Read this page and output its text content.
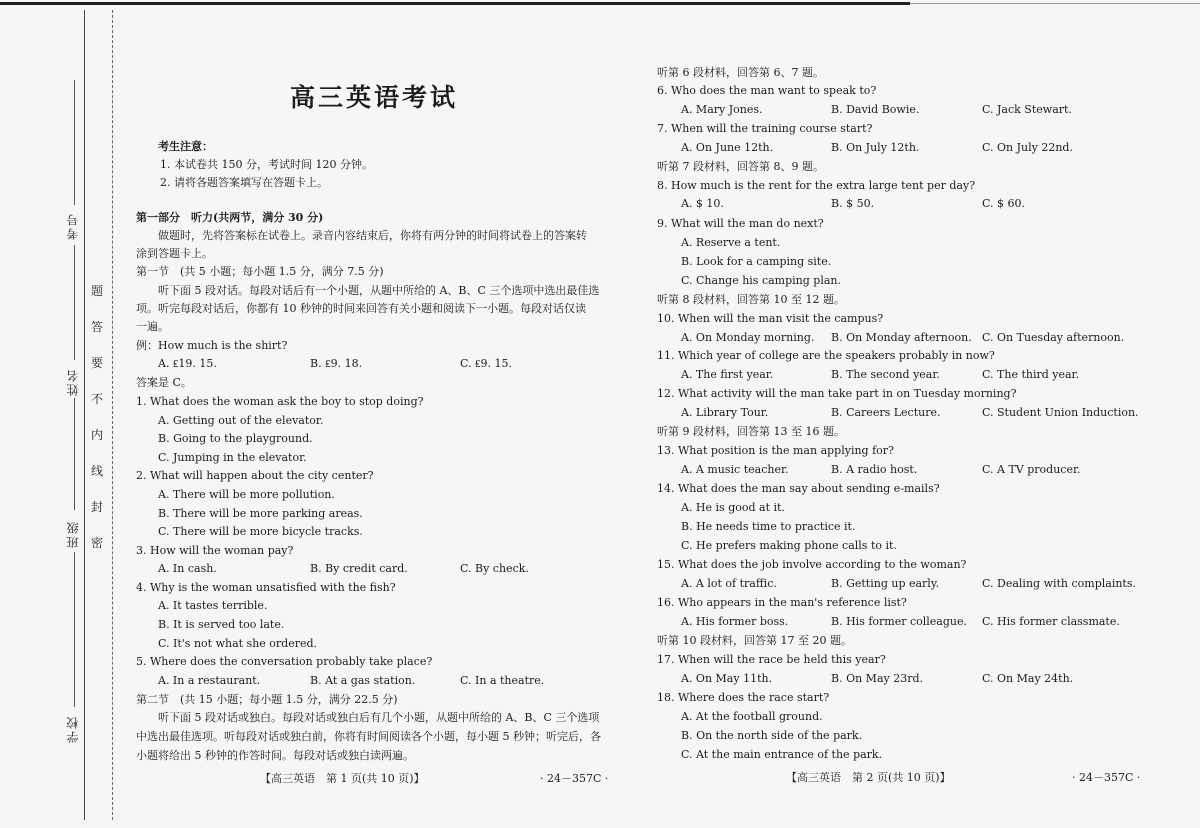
考号
姓名
班级
学校
题
答
要
不
内
线
封
密
高三英语考试
考生注意：
1. 本试卷共 150 分，考试时间 120 分钟。
2. 请将各题答案填写在答题卡上。
第一部分　听力(共两节，满分 30 分)
做题时，先将答案标在试卷上。录音内容结束后，你将有两分钟的时间将试卷上的答案转
涂到答题卡上。
第一节　(共 5 小题；每小题 1.5 分，满分 7.5 分)
听下面 5 段对话。每段对话后有一个小题，从题中所给的 A、B、C 三个选项中选出最佳选
项。听完每段对话后，你都有 10 秒钟的时间来回答有关小题和阅读下一小题。每段对话仅读
一遍。
例：How much is the shirt?
A. ₤19. 15.	B. ₤9. 18.	C. ₤9. 15.
答案是 C。
1. What does the woman ask the boy to stop doing?
A. Getting out of the elevator.
B. Going to the playground.
C. Jumping in the elevator.
2. What will happen about the city center?
A. There will be more pollution.
B. There will be more parking areas.
C. There will be more bicycle tracks.
3. How will the woman pay?
A. In cash.	B. By credit card.	C. By check.
4. Why is the woman unsatisfied with the fish?
A. It tastes terrible.
B. It is served too late.
C. It's not what she ordered.
5. Where does the conversation probably take place?
A. In a restaurant.	B. At a gas station.	C. In a theatre.
第二节　(共 15 小题；每小题 1.5 分，满分 22.5 分)
听下面 5 段对话或独白。每段对话或独白后有几个小题，从题中所给的 A、B、C 三个选项
中选出最佳选项。听每段对话或独白前，你将有时间阅读各个小题，每小题 5 秒钟；听完后，各
小题将给出 5 秒钟的作答时间。每段对话或独白读两遍。
【高三英语　第 1 页(共 10 页)】	· 24－357C ·
听第 6 段材料，回答第 6、7 题。
6. Who does the man want to speak to?
A. Mary Jones.	B. David Bowie.	C. Jack Stewart.
7. When will the training course start?
A. On June 12th.	B. On July 12th.	C. On July 22nd.
听第 7 段材料，回答第 8、9 题。
8. How much is the rent for the extra large tent per day?
A. $ 10.	B. $ 50.	C. $ 60.
9. What will the man do next?
A. Reserve a tent.
B. Look for a camping site.
C. Change his camping plan.
听第 8 段材料，回答第 10 至 12 题。
10. When will the man visit the campus?
A. On Monday morning. B. On Monday afternoon. C. On Tuesday afternoon.
11. Which year of college are the speakers probably in now?
A. The first year.	B. The second year.	C. The third year.
12. What activity will the man take part in on Tuesday morning?
A. Library Tour.	B. Careers Lecture.	C. Student Union Induction.
听第 9 段材料，回答第 13 至 16 题。
13. What position is the man applying for?
A. A music teacher.	B. A radio host.	C. A TV producer.
14. What does the man say about sending e-mails?
A. He is good at it.
B. He needs time to practice it.
C. He prefers making phone calls to it.
15. What does the job involve according to the woman?
A. A lot of traffic.	B. Getting up early.	C. Dealing with complaints.
16. Who appears in the man's reference list?
A. His former boss.	B. His former colleague. C. His former classmate.
听第 10 段材料，回答第 17 至 20 题。
17. When will the race be held this year?
A. On May 11th.	B. On May 23rd.	C. On May 24th.
18. Where does the race start?
A. At the football ground.
B. On the north side of the park.
C. At the main entrance of the park.
【高三英语　第 2 页(共 10 页)】	· 24－357C ·
